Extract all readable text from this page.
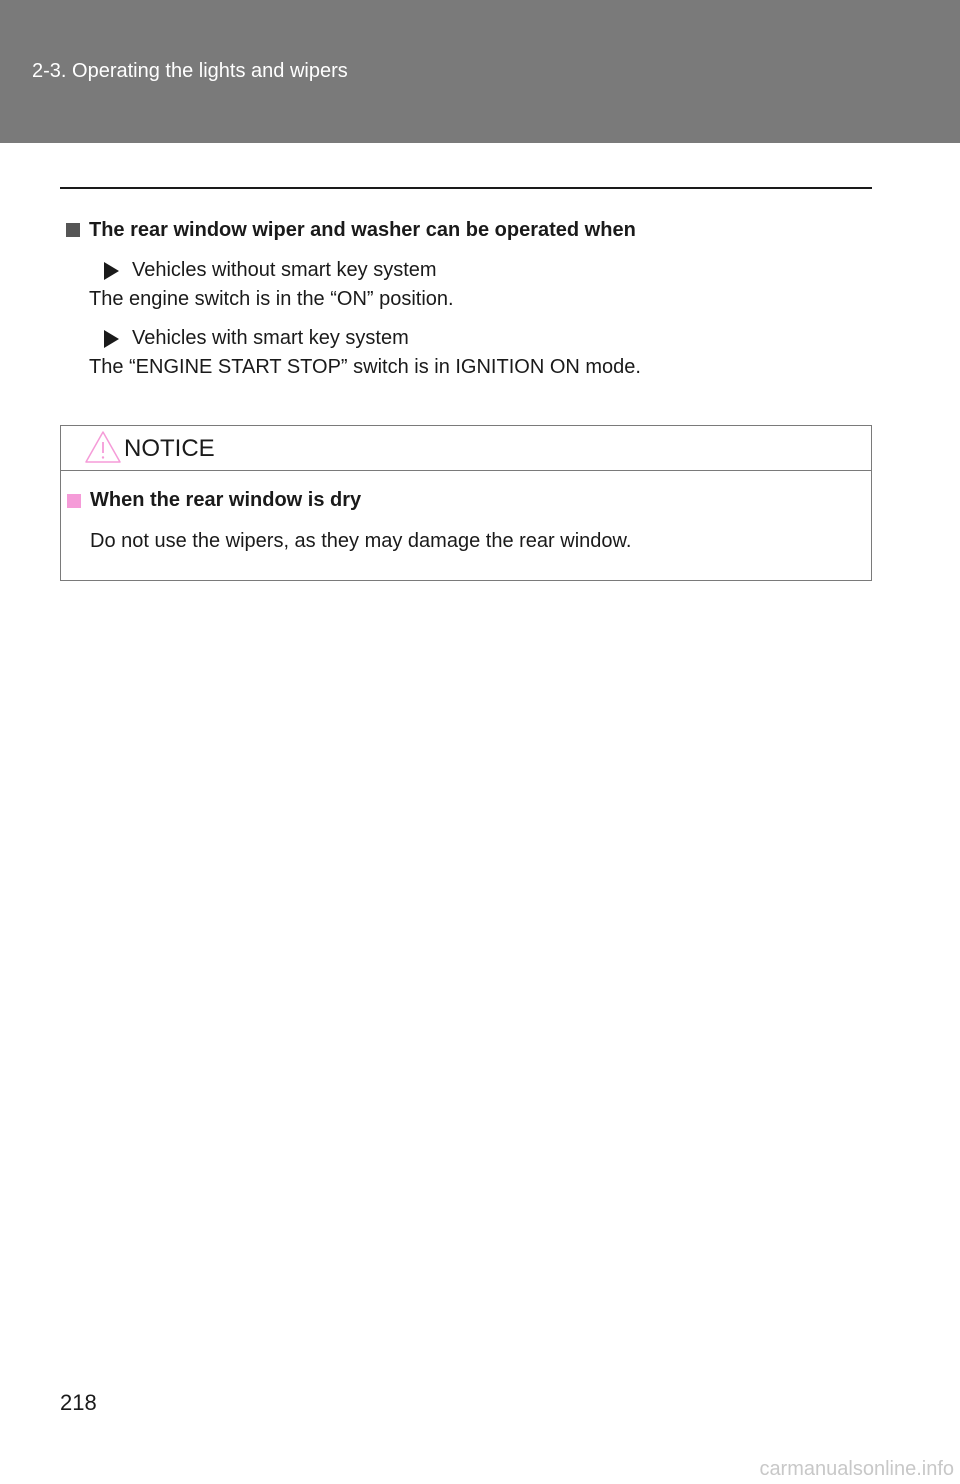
2-3. Operating the lights and wipers
The rear window wiper and washer can be operated when
Vehicles without smart key system
The engine switch is in the “ON” position.
Vehicles with smart key system
The “ENGINE START STOP” switch is in IGNITION ON mode.
NOTICE
When the rear window is dry
Do not use the wipers, as they may damage the rear window.
218
carmanualsonline.info
